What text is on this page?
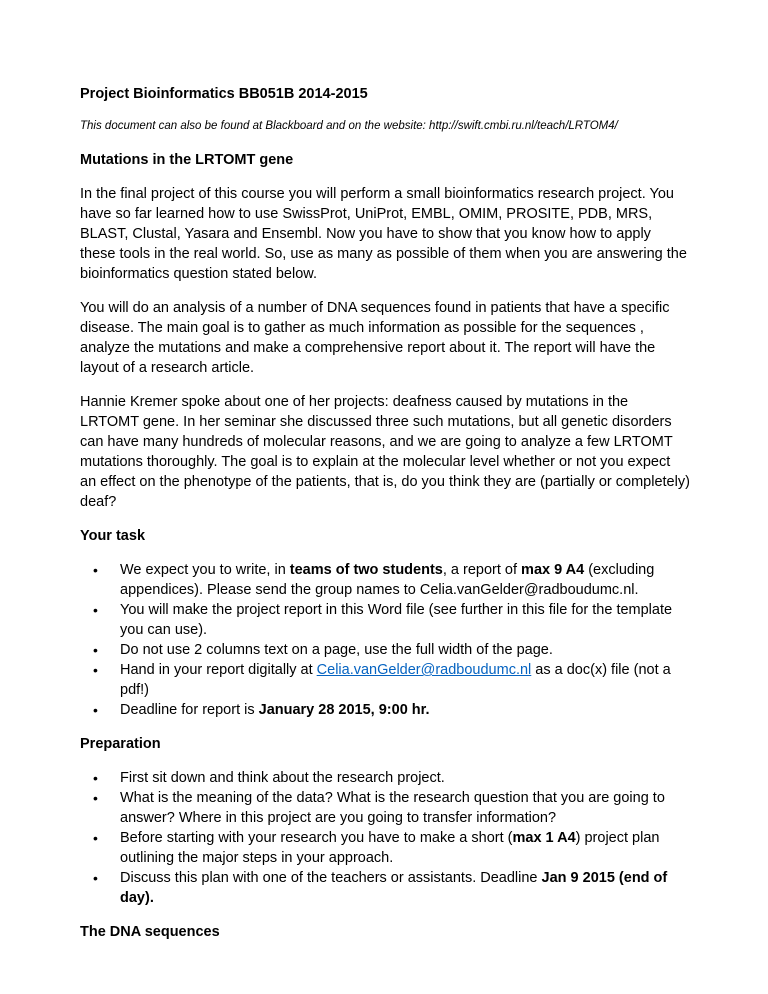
Project Bioinformatics BB051B 2014-2015
This document can also be found at Blackboard and on the website: http://swift.cmbi.ru.nl/teach/LRTOM4/
Mutations in the LRTOMT gene

In the final project of this course you will perform a small bioinformatics research project. You have so far learned how to use SwissProt, UniProt, EMBL, OMIM, PROSITE, PDB, MRS, BLAST, Clustal, Yasara and Ensembl. Now you have to show that you know how to apply these tools in the real world. So, use as many as possible of them when you are answering the bioinformatics question stated below.

You will do an analysis of a number of DNA sequences found in patients that have a specific disease. The main goal is to gather as much information as possible for the sequences , analyze the mutations and make a comprehensive report about it. The report will have the layout of a research article.

Hannie Kremer spoke about one of her projects: deafness caused by mutations in the LRTOMT gene. In her seminar she discussed three such mutations, but all genetic disorders can have many hundreds of molecular reasons, and we are going to analyze a few LRTOMT mutations thoroughly. The goal is to explain at the molecular level whether or not you expect an effect on the phenotype of the patients, that is, do you think they are (partially or completely) deaf?

Your task
• We expect you to write, in teams of two students, a report of max 9 A4 (excluding appendices). Please send the group names to Celia.vanGelder@radboudumc.nl.
• You will make the project report in this Word file (see further in this file for the template you can use).
• Do not use 2 columns text on a page, use the full width of the page.
• Hand in your report digitally at Celia.vanGelder@radboudumc.nl as a doc(x) file (not a pdf!)
• Deadline for report is January 28 2015, 9:00 hr.
Preparation
• First sit down and think about the research project.
• What is the meaning of the data? What is the research question that you are going to answer? Where in this project are you going to transfer information?
• Before starting with your research you have to make a short (max 1 A4) project plan outlining the major steps in your approach.
• Discuss this plan with one of the teachers or assistants. Deadline Jan 9 2015 (end of day).
The DNA sequences
